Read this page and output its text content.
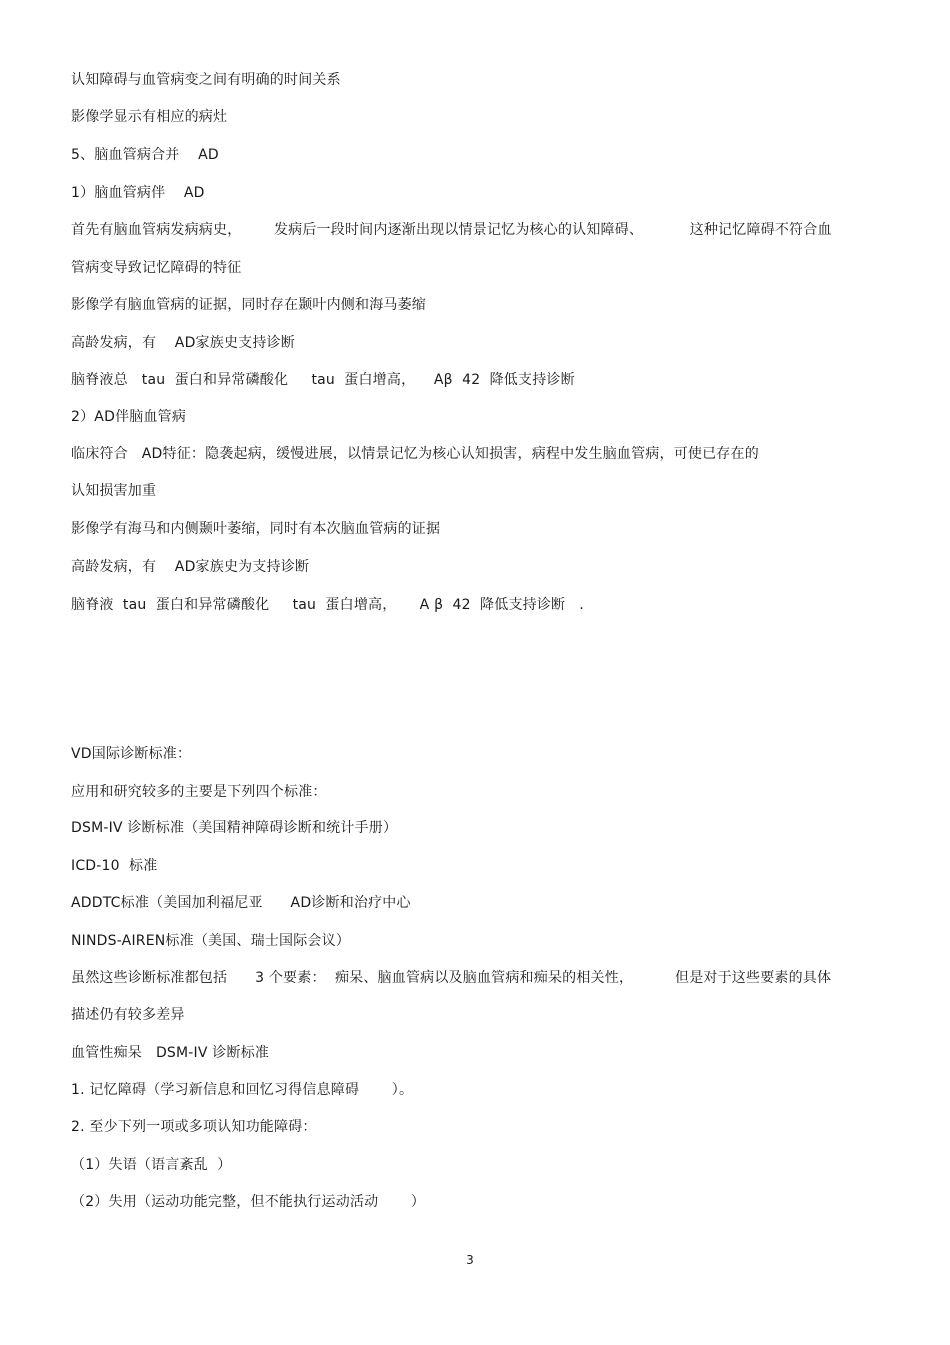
认知障碍与血管病变之间有明确的时间关系
影像学显示有相应的病灶
5、脑血管病合并    AD
1）脑血管病伴    AD
首先有脑血管病发病病史，       发病后一段时间内逐渐出现以情景记忆为核心的认知障碍、          这种记忆障碍不符合血
管病变导致记忆障碍的特征
影像学有脑血管病的证据，同时存在颞叶内侧和海马萎缩
高龄发病，有    AD家族史支持诊断
脑脊液总   tau  蛋白和异常磷酸化     tau  蛋白增高，    Aβ  42  降低支持诊断
2）AD伴脑血管病
临床符合   AD特征：隐袭起病，缓慢进展，以情景记忆为核心认知损害，病程中发生脑血管病，可使已存在的
认知损害加重
影像学有海马和内侧颞叶萎缩，同时有本次脑血管病的证据
高龄发病，有    AD家族史为支持诊断
脑脊液  tau  蛋白和异常磷酸化     tau  蛋白增高，     A β  42  降低支持诊断   .
VD国际诊断标准：
应用和研究较多的主要是下列四个标准：
DSM-IV 诊断标准（美国精神障碍诊断和统计手册）
ICD-10  标准
ADDTC标准（美国加利福尼亚      AD诊断和治疗中心
NINDS-AIREN标准（美国、瑞士国际会议）
虽然这些诊断标准都包括      3 个要素：  痴呆、脑血管病以及脑血管病和痴呆的相关性，         但是对于这些要素的具体
描述仍有较多差异
血管性痴呆   DSM-IV 诊断标准
1. 记忆障碍（学习新信息和回忆习得信息障碍       ）。
2. 至少下列一项或多项认知功能障碍：
（1）失语（语言紊乱  ）
（2）失用（运动功能完整，但不能执行运动活动       ）
3
